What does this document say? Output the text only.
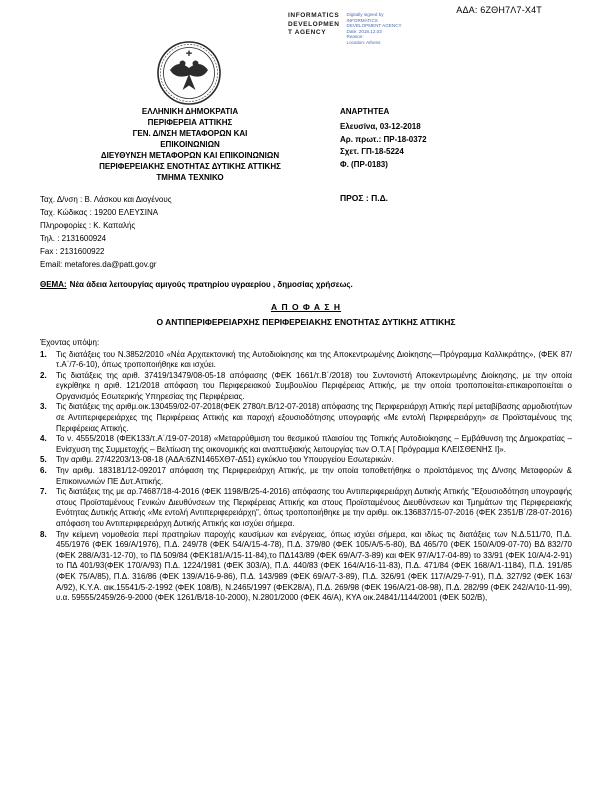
ΑΔΑ: 6ΖΘΗ7Λ7-Χ4Τ
INFORMATICS
DEVELOPMEN
T AGENCY
Digitally signed by
INFORMATICS
DEVELOPMENT AGENCY
Date: 2018.12.03
Reason:
Location: Athens
ΕΛΛΗΝΙΚΗ ΔΗΜΟΚΡΑΤΙΑ
ΠΕΡΙΦΕΡΕΙΑ ΑΤΤΙΚΗΣ
ΓΕΝ. Δ/ΝΣΗ ΜΕΤΑΦΟΡΩΝ ΚΑΙ
ΕΠΙΚΟΙΝΩΝΙΩΝ
ΔΙΕΥΘΥΝΣΗ ΜΕΤΑΦΟΡΩΝ ΚΑΙ ΕΠΙΚΟΙΝΩΝΙΩΝ
ΠΕΡΙΦΕΡΕΙΑΚΗΣ ΕΝΟΤΗΤΑΣ ΔΥΤΙΚΗΣ ΑΤΤΙΚΗΣ
ΤΜΗΜΑ ΤΕΧΝΙΚΟ
ΑΝΑΡΤΗΤΕΑ
Ελευσίνα, 03-12-2018
Αρ. πρωτ.: ΠΡ-18-0372
Σχετ. ΓΠ-18-5224
Φ. (ΠΡ-0183)
Ταχ. Δ/νση : Β. Λάσκου και Διογένους
Ταχ. Κώδικας : 19200 ΕΛΕΥΣΙΝΑ
Πληροφορίες : Κ. Καπαλής
Τηλ. : 2131600924
Fax : 2131600922
Email: metafores.da@patt.gov.gr
ΠΡΟΣ : Π.Δ.
ΘΕΜΑ: Νέα άδεια λειτουργίας αμιγούς πρατηρίου υγραερίου , δημοσίας χρήσεως.
Α Π Ο Φ Α Σ Η
Ο ΑΝΤΙΠΕΡΙΦΕΡΕΙΑΡΧΗΣ ΠΕΡΙΦΕΡΕΙΑΚΗΣ ΕΝΟΤΗΤΑΣ ΔΥΤΙΚΗΣ ΑΤΤΙΚΗΣ
Έχοντας υπόψη:
1.	Τις διατάξεις του Ν.3852/2010 «Νέα Αρχιτεκτονική της Αυτοδιοίκησης και της Αποκεντρωμένης Διοίκησης—Πρόγραμμα Καλλικράτης», (ΦΕΚ 87/τ.Α΄/7-6-10), όπως τροποποιήθηκε και ισχύει.
2.	Τις διατάξεις της αριθ. 37419/13479/08-05-18 απόφασης (ΦΕΚ 1661/τ.Β΄/2018) του Συντονιστή Αποκεντρωμένης Διοίκησης, με την οποία εγκρίθηκε η αριθ. 121/2018 απόφαση του Περιφερειακού Συμβουλίου Περιφέρειας Αττικής, με την οποία τροποποιείται-επικαιροποιείται ο Οργανισμός Εσωτερικής Υπηρεσίας της Περιφέρειας.
3.	Τις διατάξεις της αριθμ.οικ.130459/02-07-2018(ΦΕΚ 2780/τ.Β/12-07-2018) απόφασης της Περιφερειάρχη Αττικής περί μεταβίβασης αρμοδιοτήτων σε Αντιπεριφερειάρχες της Περιφέρειας Αττικής και παροχή εξουσιοδότησης υπογραφής «Με εντολή Περιφερειάρχη» σε Προϊσταμένους της Περιφέρειας Αττικής.
4.	Το ν. 4555/2018 (ΦΕΚ133/τ.Α΄/19-07-2018) «Μεταρρύθμιση του θεσμικού πλαισίου της Τοπικής Αυτοδιοίκησης – Εμβάθυνση της Δημοκρατίας – Ενίσχυση της Συμμετοχής – Βελτίωση της οικονομικής και αναπτυξιακής λειτουργίας των Ο.Τ.Α [ Πρόγραμμα ΚΛΕΙΣΘΕΝΗΣ Ι]».
5.	Την αριθμ. 27/42203/13-08-18 (ΑΔΑ:6ΖΝ1465ΧΘ7-Δ51) εγκύκλιο του Υπουργείου Εσωτερικών.
6.	Την αριθμ. 183181/12-092017 απόφαση της Περιφερειάρχη Αττικής, με την οποία τοποθετήθηκε ο προϊστάμενος της Δ/νσης Μεταφορών & Επικοινωνιών ΠΕ Δυτ.Αττικής.
7.	Τις διατάξεις της με αρ.74687/18-4-2016 (ΦΕΚ 1198/Β/25-4-2016) απόφασης του Αντιπεριφερειάρχη Δυτικής Αττικής "Εξουσιοδότηση υπογραφής στους Προϊσταμένους Γενικών Διευθύνσεων της Περιφέρειας Αττικής και στους Προϊσταμένους Διευθύνσεων και Τμημάτων της Περιφερειακής Ενότητας Δυτικής Αττικής «Με εντολή Αντιπεριφερειάρχη", όπως τροποποιήθηκε με την αριθμ. οικ.136837/15-07-2016 (ΦΕΚ 2351/Β΄/28-07-2016) απόφαση του Αντιπεριφερειάρχη Δυτικής Αττικής και ισχύει σήμερα.
8.	Την κείμενη νομοθεσία περί πρατηρίων παροχής καυσίμων και ενέργειας, όπως ισχύει σήμερα, και ιδίως τις διατάξεις των Ν.Δ.511/70, Π.Δ. 455/1976 (ΦΕΚ 169/Α/1976), Π.Δ. 249/78 (ΦΕΚ 54/Α/15-4-78), Π.Δ. 379/80 (ΦΕΚ 105/Α/5-5-80), ΒΔ 465/70 (ΦΕΚ 150/Α/09-07-70) ΒΔ 832/70 (ΦΕΚ 288/Α/31-12-70), το ΠΔ 509/84 (ΦΕΚ181/Α/15-11-84),το ΠΔ143/89 (ΦΕΚ 69/Α/7-3-89) και ΦΕΚ 97/Α/17-04-89) το 33/91 (ΦΕΚ 10/Α/4-2-91) το ΠΔ 401/93(ΦΕΚ 170/Α/93) Π.Δ. 1224/1981 (ΦΕΚ 303/Α), Π.Δ. 440/83 (ΦΕΚ 164/Α/16-11-83), Π.Δ. 471/84 (ΦΕΚ 168/Α/1-1184), Π.Δ. 191/85 (ΦΕΚ 75/Α/85), Π.Δ. 316/86 (ΦΕΚ 139/Α/16-9-86), Π.Δ. 143/989 (ΦΕΚ 69/Α/7-3-89), Π.Δ. 326/91 (ΦΕΚ 117/Α/29-7-91), Π.Δ. 327/92 (ΦΕΚ 163/Α/92), Κ.Υ.Α. αικ.15541/5-2-1992 (ΦΕΚ 108/Β), Ν.2465/1997 (ΦΕΚ28/Α), Π.Δ. 269/98 (ΦΕΚ 196/Α/21-08-98), Π.Δ. 282/99 (ΦΕΚ 242/Α/10-11-99), υ.α. 59555/2459/26-9-2000 (ΦΕΚ 1261/Β/18-10-2000), Ν.2801/2000 (ΦΕΚ 46/Α), ΚΥΑ οικ.24841/1144/2001 (ΦΕΚ 502/Β),
